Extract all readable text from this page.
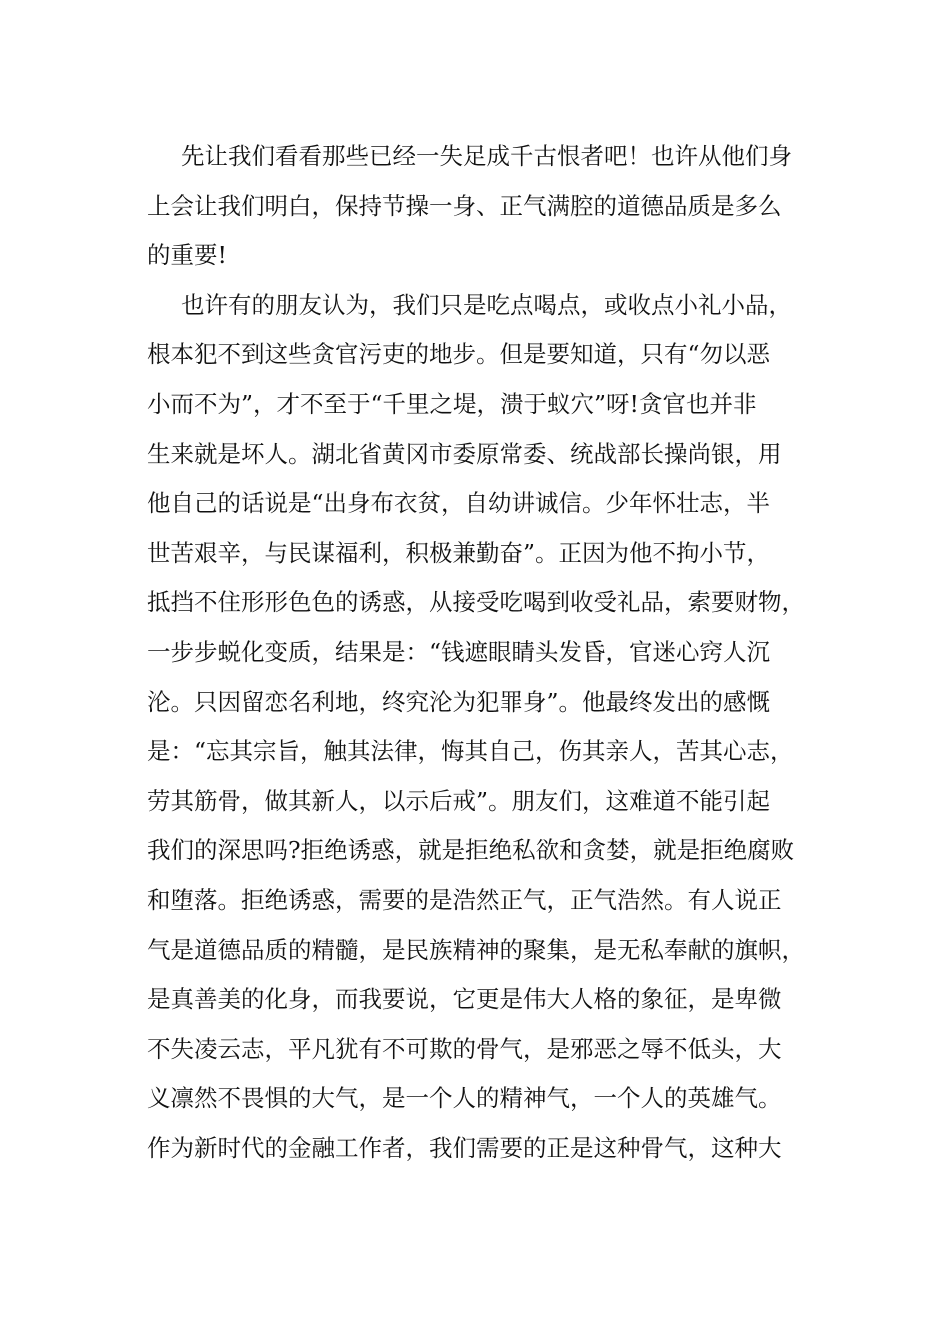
先让我们看看那些已经一失足成千古恨者吧！也许从他们身
上会让我们明白，保持节操一身、正气满腔的道德品质是多么
的重要!
也许有的朋友认为，我们只是吃点喝点，或收点小礼小品，
根本犯不到这些贪官污吏的地步。但是要知道，只有“勿以恶
小而不为”，才不至于“千里之堤，溃于蚁穴”呀!贪官也并非
生来就是坏人。湖北省黄冈市委原常委、统战部长操尚银，用
他自己的话说是“出身布衣贫，自幼讲诚信。少年怀壮志，半
世苦艰辛，与民谋福利，积极兼勤奋”。正因为他不拘小节，
抵挡不住形形色色的诱惑，从接受吃喝到收受礼品，索要财物，
一步步蜕化变质，结果是：“钱遮眼睛头发昏，官迷心窍人沉
沦。只因留恋名利地，终究沦为犯罪身”。他最终发出的感慨
是：“忘其宗旨，触其法律，悔其自己，伤其亲人，苦其心志，
劳其筋骨，做其新人，以示后戒”。朋友们，这难道不能引起
我们的深思吗?拒绝诱惑，就是拒绝私欲和贪婪，就是拒绝腐败
和堕落。拒绝诱惑，需要的是浩然正气，正气浩然。有人说正
气是道德品质的精髓，是民族精神的聚集，是无私奉献的旗帜，
是真善美的化身，而我要说，它更是伟大人格的象征，是卑微
不失凌云志，平凡犹有不可欺的骨气，是邪恶之辱不低头，大
义凛然不畏惧的大气，是一个人的精神气，一个人的英雄气。
作为新时代的金融工作者，我们需要的正是这种骨气，这种大
